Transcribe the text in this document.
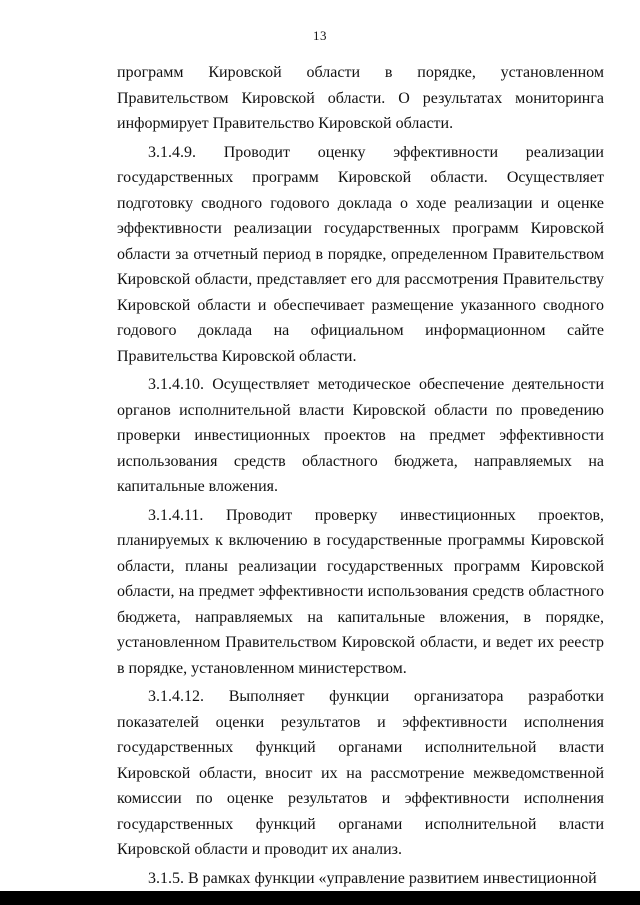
13

программ Кировской области в порядке, установленном Правительством Кировской области. О результатах мониторинга информирует Правительство Кировской области.

3.1.4.9. Проводит оценку эффективности реализации государственных программ Кировской области. Осуществляет подготовку сводного годового доклада о ходе реализации и оценке эффективности реализации государственных программ Кировской области за отчетный период в порядке, определенном Правительством Кировской области, представляет его для рассмотрения Правительству Кировской области и обеспечивает размещение указанного сводного годового доклада на официальном информационном сайте Правительства Кировской области.

3.1.4.10. Осуществляет методическое обеспечение деятельности органов исполнительной власти Кировской области по проведению проверки инвестиционных проектов на предмет эффективности использования средств областного бюджета, направляемых на капитальные вложения.

3.1.4.11. Проводит проверку инвестиционных проектов, планируемых к включению в государственные программы Кировской области, планы реализации государственных программ Кировской области, на предмет эффективности использования средств областного бюджета, направляемых на капитальные вложения, в порядке, установленном Правительством Кировской области, и ведет их реестр в порядке, установленном министерством.

3.1.4.12. Выполняет функции организатора разработки показателей оценки результатов и эффективности исполнения государственных функций органами исполнительной власти Кировской области, вносит их на рассмотрение межведомственной комиссии по оценке результатов и эффективности исполнения государственных функций органами исполнительной власти Кировской области и проводит их анализ.

3.1.5. В рамках функции «управление развитием инвестиционной
